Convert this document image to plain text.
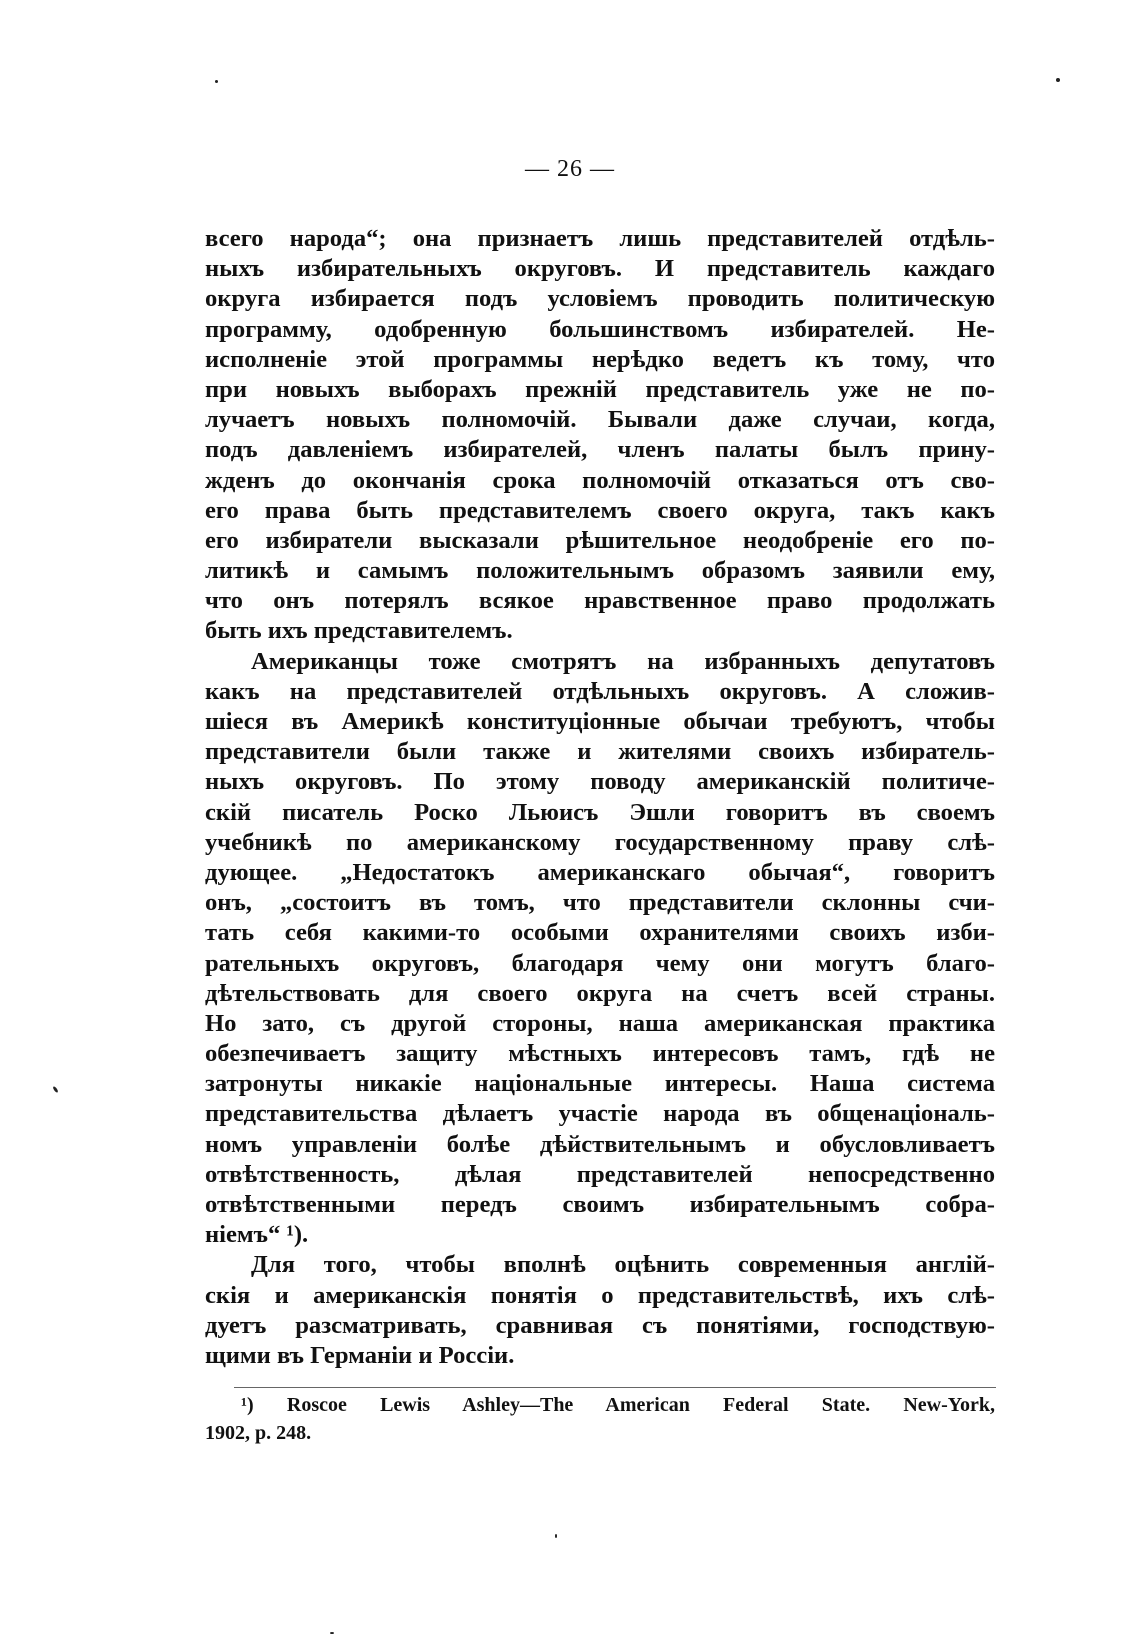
— 26 —
всего народа“; она признаетъ лишь представителей отдѣль-
ныхъ избирательныхъ округовъ. И представитель каждаго
округа избирается подъ условіемъ проводить политическую
программу, одобренную большинствомъ избирателей. Не-
исполненіе этой программы нерѣдко ведетъ къ тому, что
при новыхъ выборахъ прежній представитель уже не по-
лучаетъ новыхъ полномочій. Бывали даже случаи, когда,
подъ давленіемъ избирателей, членъ палаты былъ прину-
жденъ до окончанія срока полномочій отказаться отъ сво-
его права быть представителемъ своего округа, такъ какъ
его избиратели высказали рѣшительное неодобреніе его по-
литикѣ и самымъ положительнымъ образомъ заявили ему,
что онъ потерялъ всякое нравственное право продолжать
быть ихъ представителемъ.
Американцы тоже смотрятъ на избранныхъ депутатовъ
какъ на представителей отдѣльныхъ округовъ. А сложив-
шіеся въ Америкѣ конституціонные обычаи требуютъ, чтобы
представители были также и жителями своихъ избиратель-
ныхъ округовъ. По этому поводу американскій политиче-
скій писатель Роско Льюисъ Эшли говоритъ въ своемъ
учебникѣ по американскому государственному праву слѣ-
дующее. „Недостатокъ американскаго обычая“, говоритъ
онъ, „состоитъ въ томъ, что представители склонны счи-
тать себя какими-то особыми охранителями своихъ изби-
рательныхъ округовъ, благодаря чему они могутъ благо-
дѣтельствовать для своего округа на счетъ всей страны.
Но зато, съ другой стороны, наша американская практика
обезпечиваетъ защиту мѣстныхъ интересовъ тамъ, гдѣ не
затронуты никакіе національные интересы. Наша система
представительства дѣлаетъ участіе народа въ общенаціональ-
номъ управленіи болѣе дѣйствительнымъ и обусловливаетъ
отвѣтственность, дѣлая представителей непосредственно
отвѣтственными передъ своимъ избирательнымъ собра-
ніемъ“ ¹).
Для того, чтобы вполнѣ оцѣнить современныя англій-
скія и американскія понятія о представительствѣ, ихъ слѣ-
дуетъ разсматривать, сравнивая съ понятіями, господствую-
щими въ Германіи и Россіи.
¹) Roscoe Lewis Ashley—The American Federal State. New-York,
1902, p. 248.
